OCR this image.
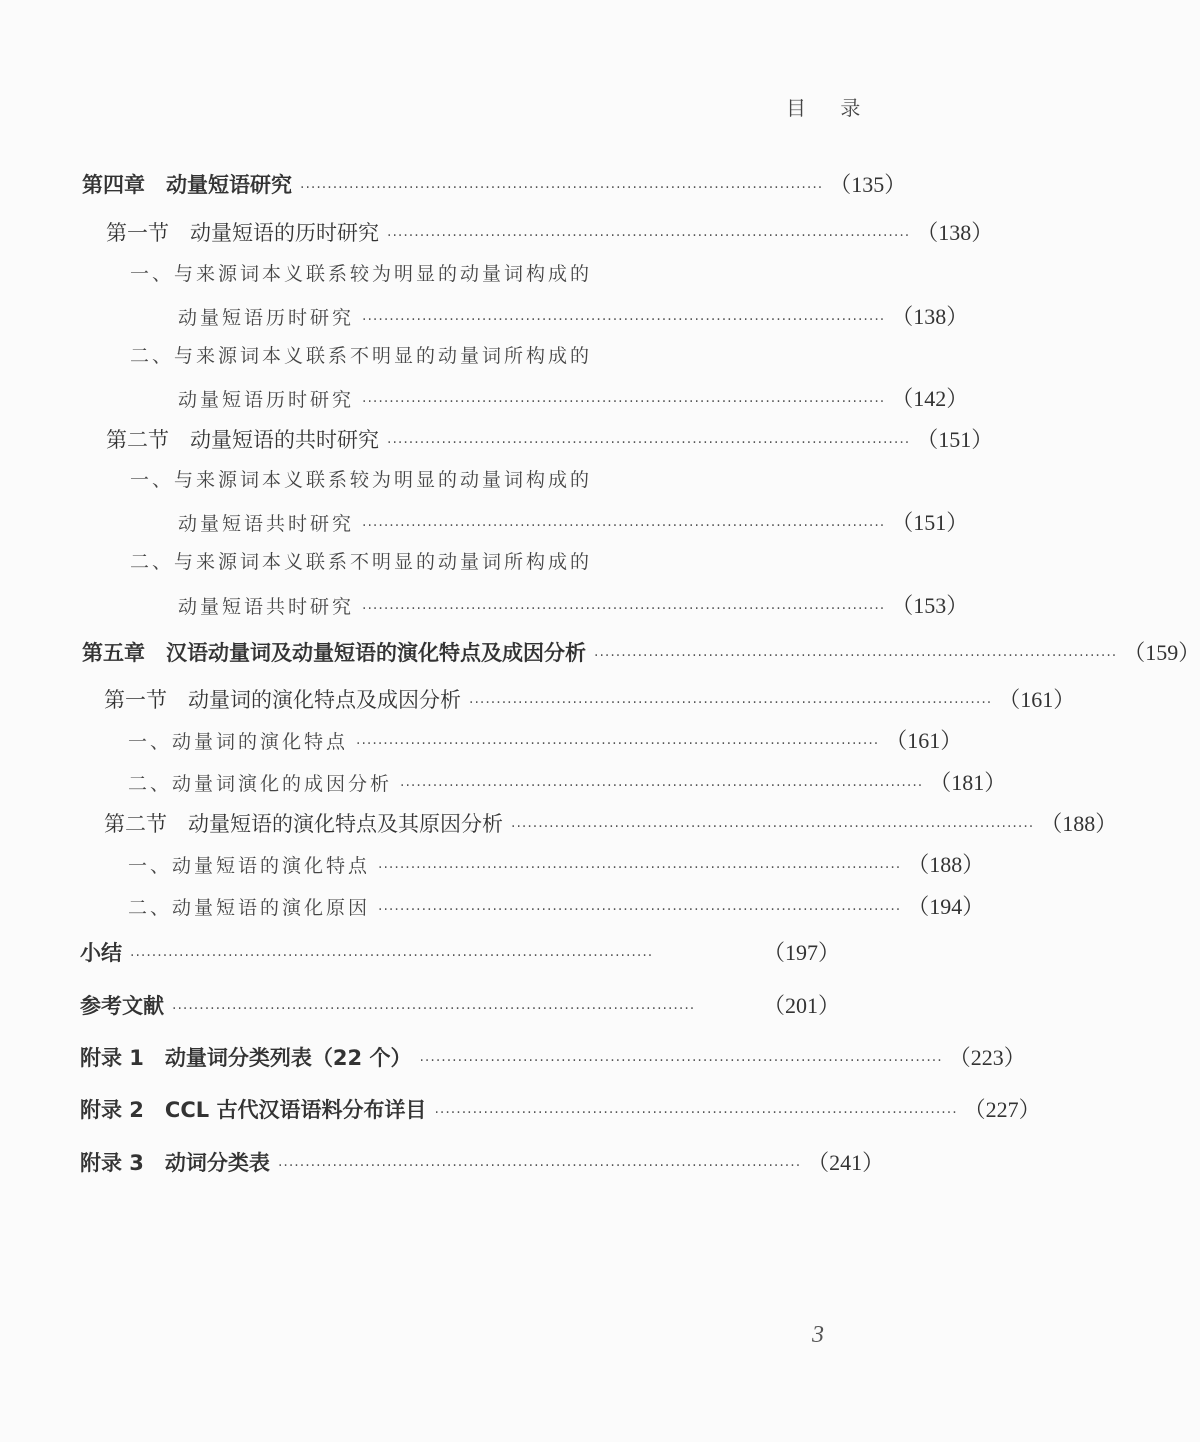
目 录
第四章　动量短语研究 ································································································ （135）
第一节　动量短语的历时研究 ································································································ （138）
一、与来源词本义联系较为明显的动量词构成的
动量短语历时研究 ································································································ （138）
二、与来源词本义联系不明显的动量词所构成的
动量短语历时研究 ································································································ （142）
第二节　动量短语的共时研究 ································································································ （151）
一、与来源词本义联系较为明显的动量词构成的
动量短语共时研究 ································································································ （151）
二、与来源词本义联系不明显的动量词所构成的
动量短语共时研究 ································································································ （153）
第五章　汉语动量词及动量短语的演化特点及成因分析 ································································································ （159）
第一节　动量词的演化特点及成因分析 ································································································ （161）
一、动量词的演化特点 ································································································ （161）
二、动量词演化的成因分析 ································································································ （181）
第二节　动量短语的演化特点及其原因分析 ································································································ （188）
一、动量短语的演化特点 ································································································ （188）
二、动量短语的演化原因 ································································································ （194）
小结 ································································································	（197）
参考文献 ································································································	（201）
附录 1　动量词分类列表（22 个） ································································································ （223）
附录 2　CCL 古代汉语语料分布详目 ································································································ （227）
附录 3　动词分类表 ································································································ （241）
3
